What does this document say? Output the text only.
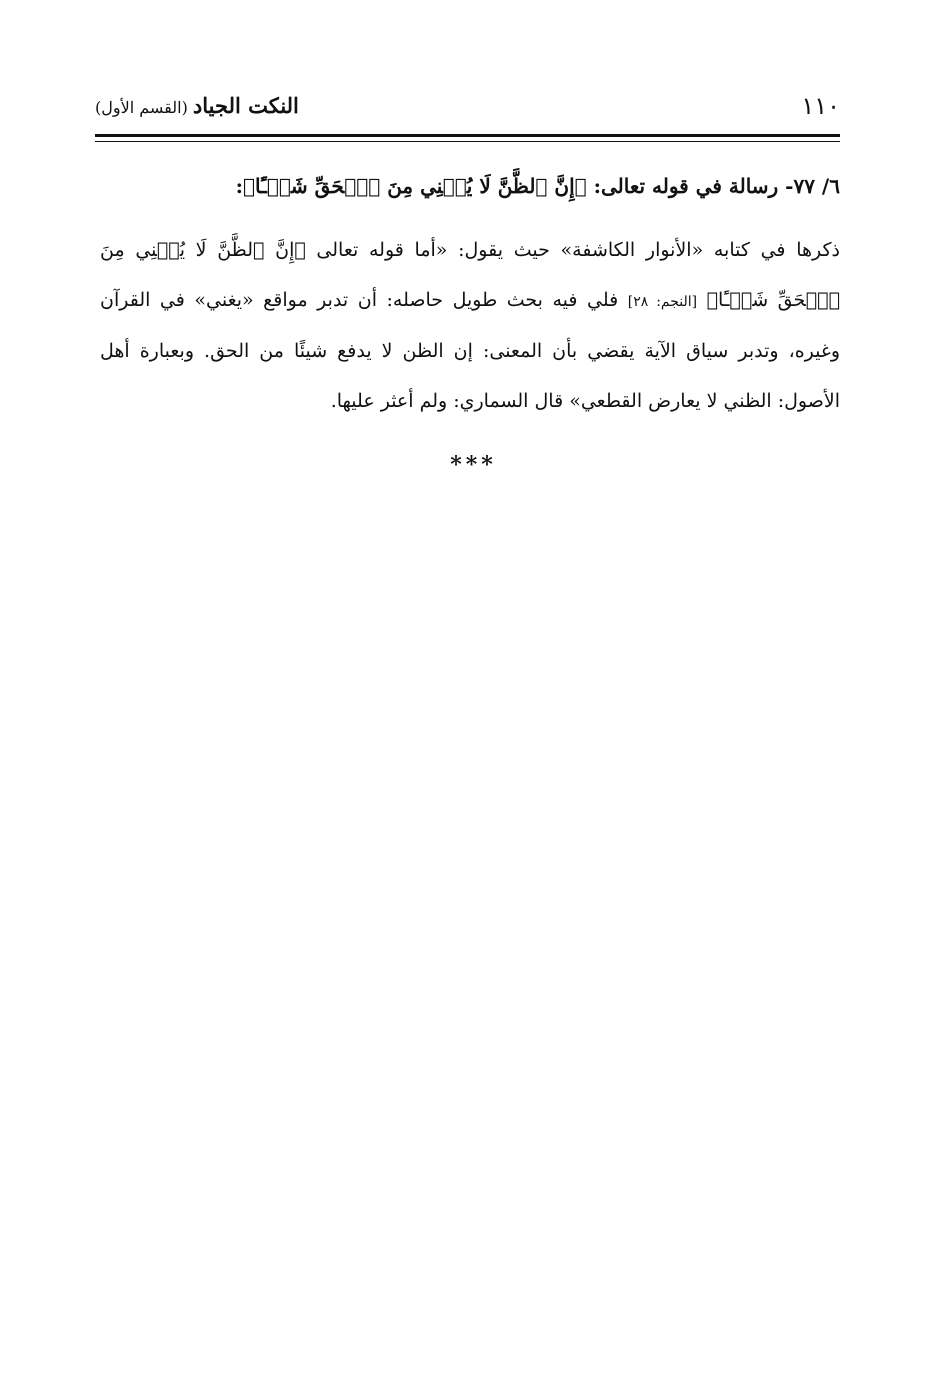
١١٠
النكت الجياد (القسم الأول)
٦/ ٧٧- رسالة في قوله تعالى: ﴿إِنَّ ٱلظَّنَّ لَا يُغۡنِي مِنَ ٱلۡحَقِّ شَيۡـًٔا﴾:
ذكرها في كتابه «الأنوار الكاشفة» حيث يقول: «أما قوله تعالى ﴿إِنَّ ٱلظَّنَّ لَا يُغۡنِي مِنَ ٱلۡحَقِّ شَيۡـًٔا﴾ [النجم: ٢٨] فلي فيه بحث طويل حاصله: أن تدبر مواقع «يغني» في القرآن وغيره، وتدبر سياق الآية يقضي بأن المعنى: إن الظن لا يدفع شيئًا من الحق. وبعبارة أهل الأصول: الظني لا يعارض القطعي» قال السماري: ولم أعثر عليها.
***
